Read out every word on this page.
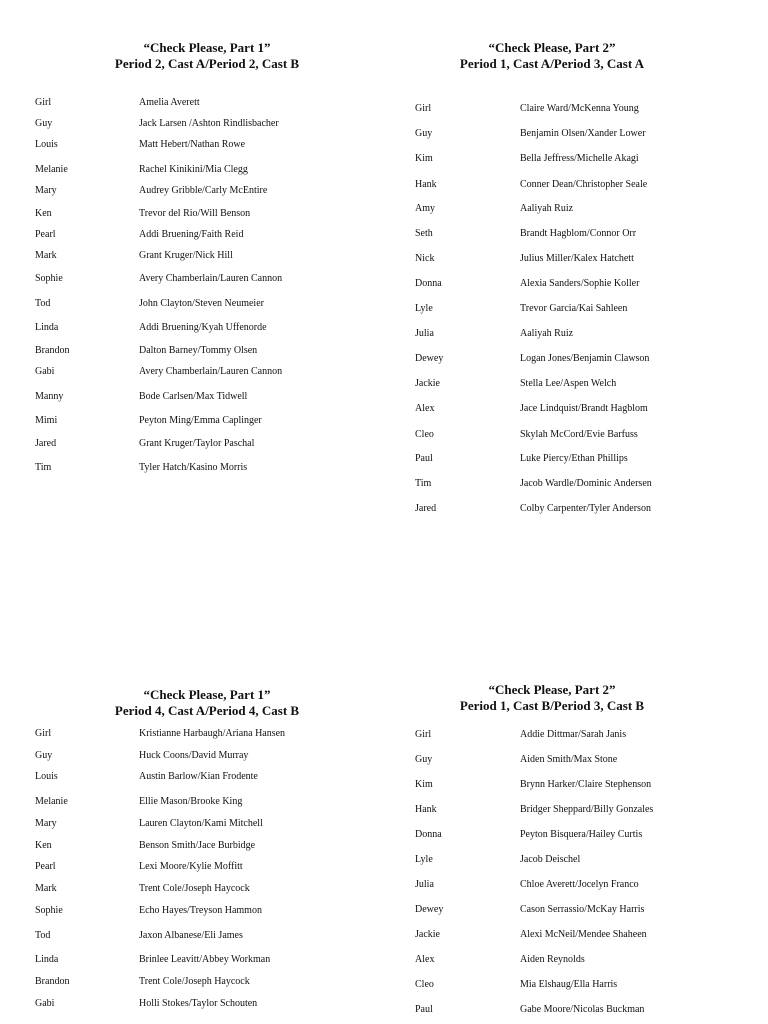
“Check Please, Part 1”
Period 2, Cast A/Period 2, Cast B
Girl	Amelia Averett
Guy	Jack Larsen /Ashton Rindlisbacher
Louis	Matt Hebert/Nathan Rowe
Melanie	Rachel Kinikini/Mia Clegg
Mary	Audrey Gribble/Carly McEntire
Ken	Trevor del Rio/Will Benson
Pearl	Addi Bruening/Faith Reid
Mark	Grant Kruger/Nick Hill
Sophie	Avery Chamberlain/Lauren Cannon
Tod	John Clayton/Steven Neumeier
Linda	Addi Bruening/Kyah Uffenorde
Brandon	Dalton Barney/Tommy Olsen
Gabi	Avery Chamberlain/Lauren Cannon
Manny	Bode Carlsen/Max Tidwell
Mimi	Peyton Ming/Emma Caplinger
Jared	Grant Kruger/Taylor Paschal
Tim	Tyler Hatch/Kasino Morris
“Check Please, Part 2”
Period 1, Cast A/Period 3, Cast A
Girl	Claire Ward/McKenna Young
Guy	Benjamin Olsen/Xander Lower
Kim	Bella Jeffress/Michelle Akagi
Hank	Conner Dean/Christopher Seale
Amy	Aaliyah Ruiz
Seth	Brandt Hagblom/Connor Orr
Nick	Julius Miller/Kalex Hatchett
Donna	Alexia Sanders/Sophie Koller
Lyle	Trevor Garcia/Kai Sahleen
Julia	Aaliyah Ruiz
Dewey	Logan Jones/Benjamin Clawson
Jackie	Stella Lee/Aspen Welch
Alex	Jace Lindquist/Brandt Hagblom
Cleo	Skylah McCord/Evie Barfuss
Paul	Luke Piercy/Ethan Phillips
Tim	Jacob Wardle/Dominic Andersen
Jared	Colby Carpenter/Tyler Anderson
“Check Please, Part 1”
Period 4, Cast A/Period 4, Cast B
Girl	Kristianne Harbaugh/Ariana Hansen
Guy	Huck Coons/David Murray
Louis	Austin Barlow/Kian Frodente
Melanie	Ellie Mason/Brooke King
Mary	Lauren Clayton/Kami Mitchell
Ken	Benson Smith/Jace Burbidge
Pearl	Lexi Moore/Kylie Moffitt
Mark	Trent Cole/Joseph Haycock
Sophie	Echo Hayes/Treyson Hammon
Tod	Jaxon Albanese/Eli James
Linda	Brinlee Leavitt/Abbey Workman
Brandon	Trent Cole/Joseph Haycock
Gabi	Holli Stokes/Taylor Schouten
“Check Please, Part 2”
Period 1, Cast B/Period 3, Cast B
Girl	Addie Dittmar/Sarah Janis
Guy	Aiden Smith/Max Stone
Kim	Brynn Harker/Claire Stephenson
Hank	Bridger Sheppard/Billy Gonzales
Donna	Peyton Bisquera/Hailey Curtis
Lyle	Jacob Deischel
Julia	Chloe Averett/Jocelyn Franco
Dewey	Cason Serrassio/McKay Harris
Jackie	Alexi McNeil/Mendee Shaheen
Alex	Aiden Reynolds
Cleo	Mia Elshaug/Ella Harris
Paul	Gabe Moore/Nicolas Buckman
